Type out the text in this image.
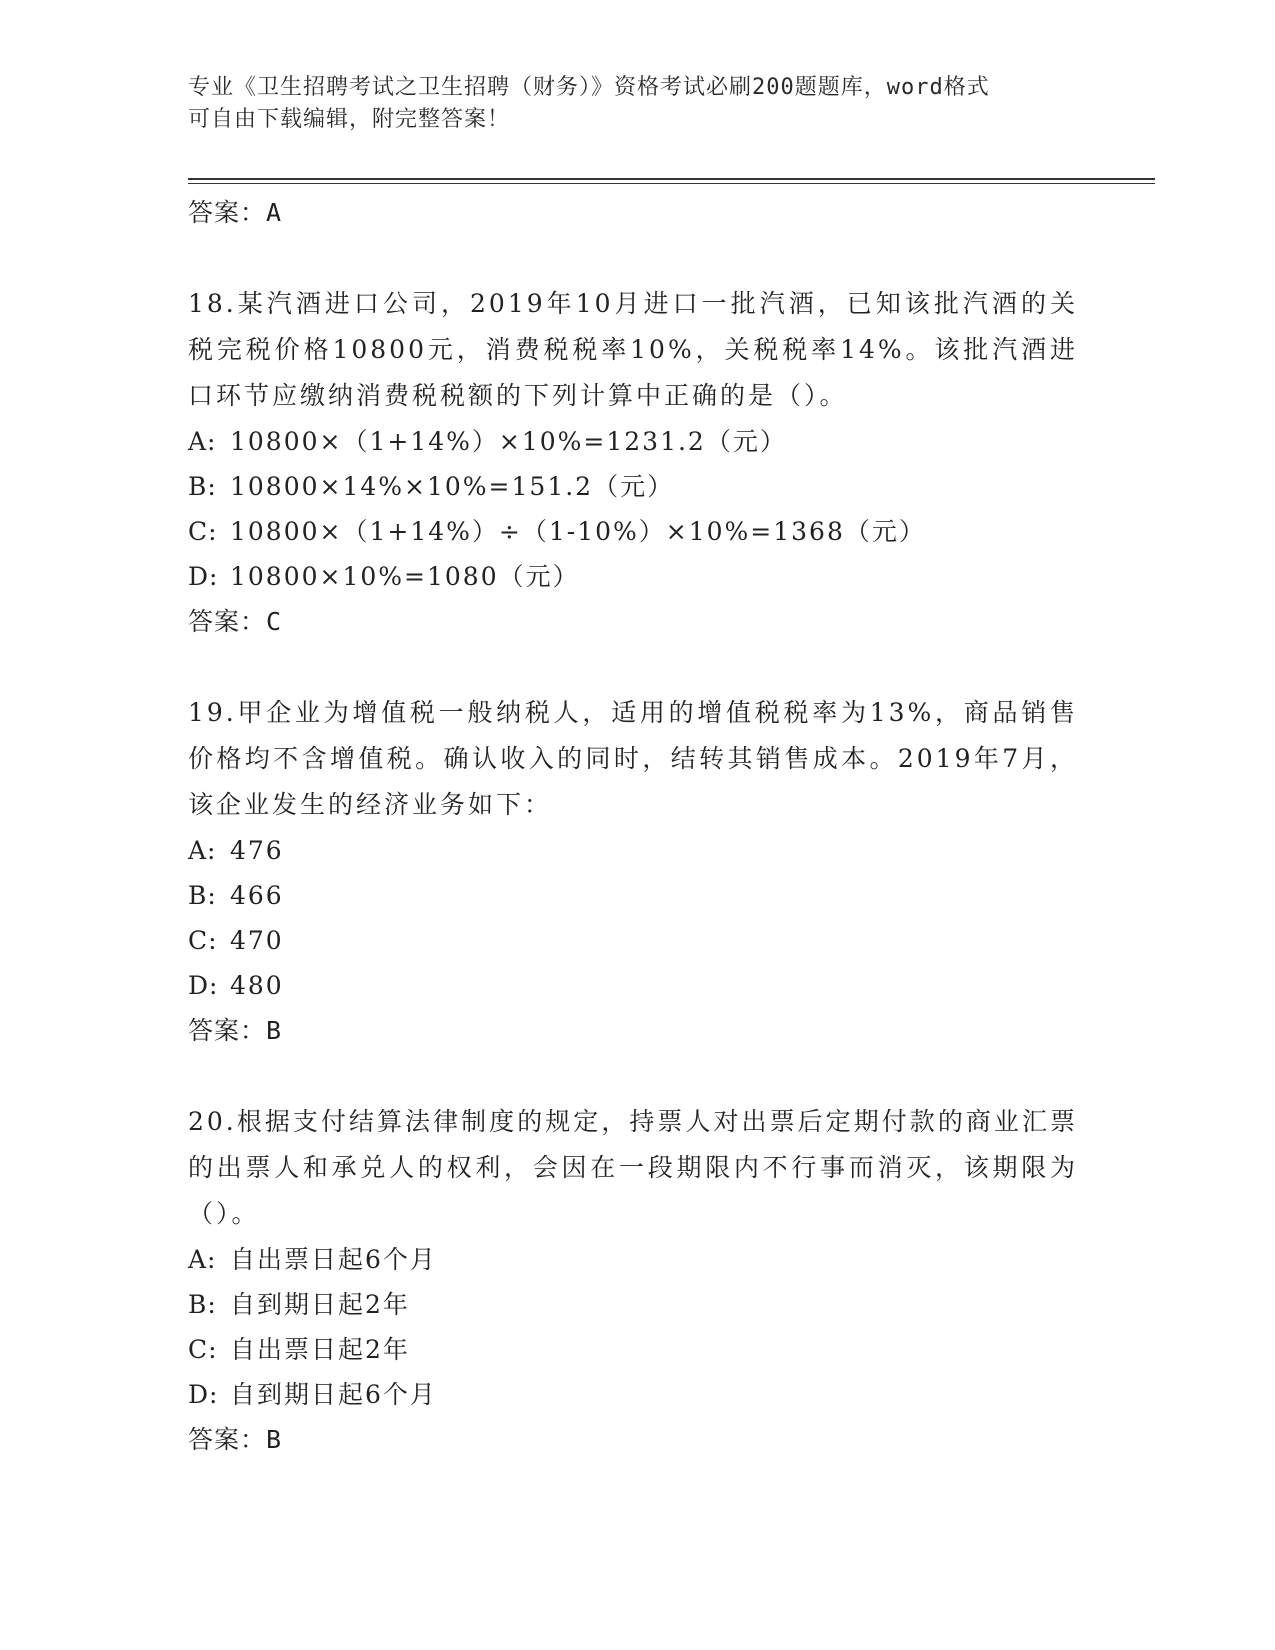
专业《卫生招聘考试之卫生招聘（财务）》资格考试必刷200题题库，word格式
可自由下载编辑，附完整答案！
答案：A
18.某汽酒进口公司，2019年10月进口一批汽酒，已知该批汽酒的关税完税价格10800元，消费税税率10%，关税税率14%。该批汽酒进口环节应缴纳消费税税额的下列计算中正确的是（）。
A: 10800×（1+14%）×10%=1231.2（元）
B: 10800×14%×10%=151.2（元）
C: 10800×（1+14%）÷（1-10%）×10%=1368（元）
D: 10800×10%=1080（元）
答案：C
19.甲企业为增值税一般纳税人，适用的增值税税率为13%，商品销售价格均不含增值税。确认收入的同时，结转其销售成本。2019年7月，该企业发生的经济业务如下：
A: 476
B: 466
C: 470
D: 480
答案：B
20.根据支付结算法律制度的规定，持票人对出票后定期付款的商业汇票的出票人和承兑人的权利，会因在一段期限内不行事而消灭，该期限为（）。
A: 自出票日起6个月
B: 自到期日起2年
C: 自出票日起2年
D: 自到期日起6个月
答案：B
